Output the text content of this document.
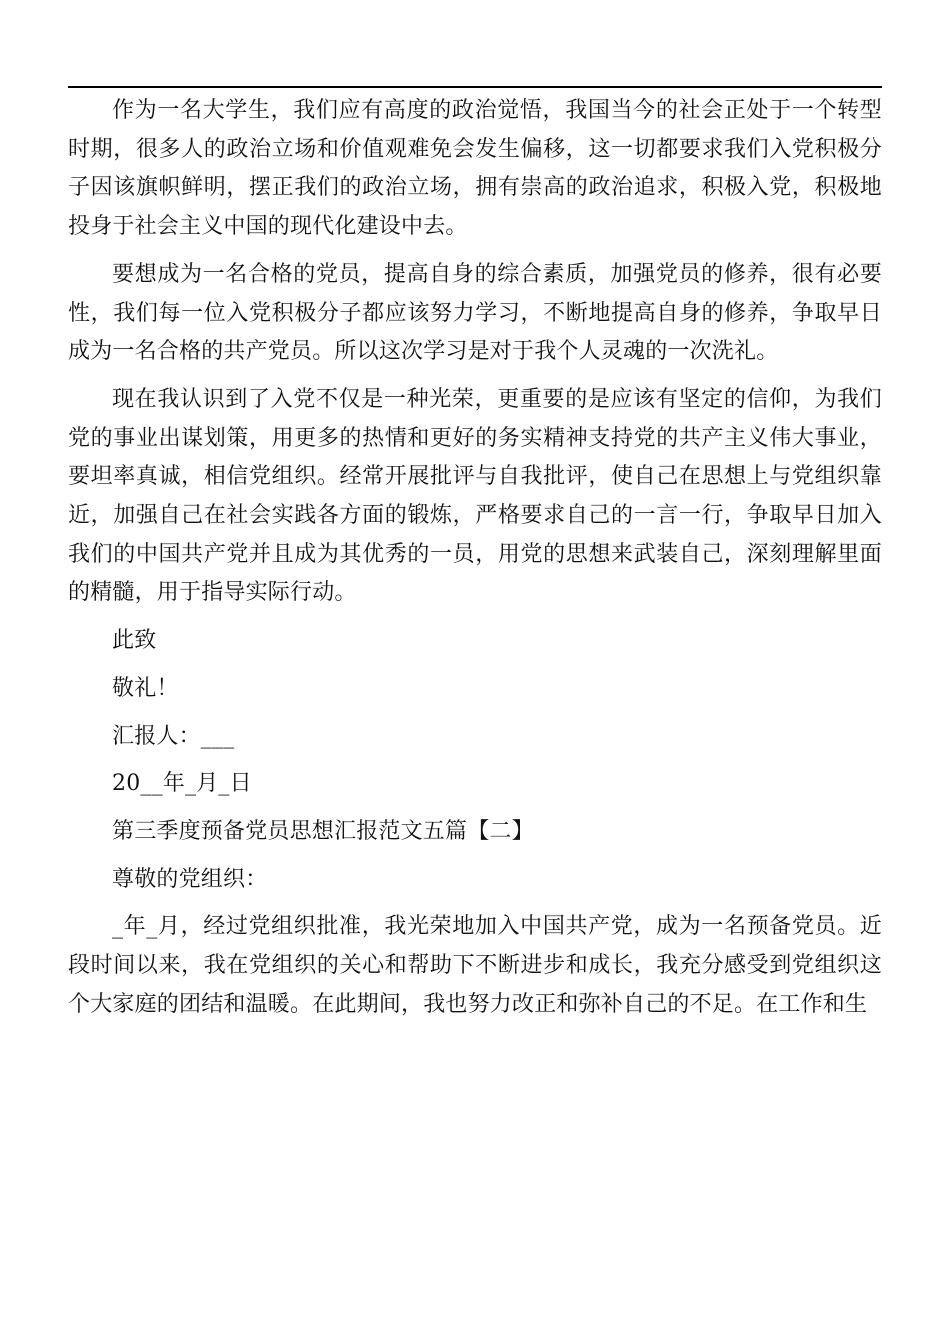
作为一名大学生，我们应有高度的政治觉悟，我国当今的社会正处于一个转型时期，很多人的政治立场和价值观难免会发生偏移，这一切都要求我们入党积极分子因该旗帜鲜明，摆正我们的政治立场，拥有崇高的政治追求，积极入党，积极地投身于社会主义中国的现代化建设中去。

要想成为一名合格的党员，提高自身的综合素质，加强党员的修养，很有必要性，我们每一位入党积极分子都应该努力学习，不断地提高自身的修养，争取早日成为一名合格的共产党员。所以这次学习是对于我个人灵魂的一次洗礼。

现在我认识到了入党不仅是一种光荣，更重要的是应该有坚定的信仰，为我们党的事业出谋划策，用更多的热情和更好的务实精神支持党的共产主义伟大事业，要坦率真诚，相信党组织。经常开展批评与自我批评，使自己在思想上与党组织靠近，加强自己在社会实践各方面的锻炼，严格要求自己的一言一行，争取早日加入我们的中国共产党并且成为其优秀的一员，用党的思想来武装自己，深刻理解里面的精髓，用于指导实际行动。

此致

敬礼！

汇报人：___

20__年_月_日

第三季度预备党员思想汇报范文五篇【二】

尊敬的党组织：

_年_月，经过党组织批准，我光荣地加入中国共产党，成为一名预备党员。近段时间以来，我在党组织的关心和帮助下不断进步和成长，我充分感受到党组织这个大家庭的团结和温暖。在此期间，我也努力改正和弥补自己的不足。在工作和生
